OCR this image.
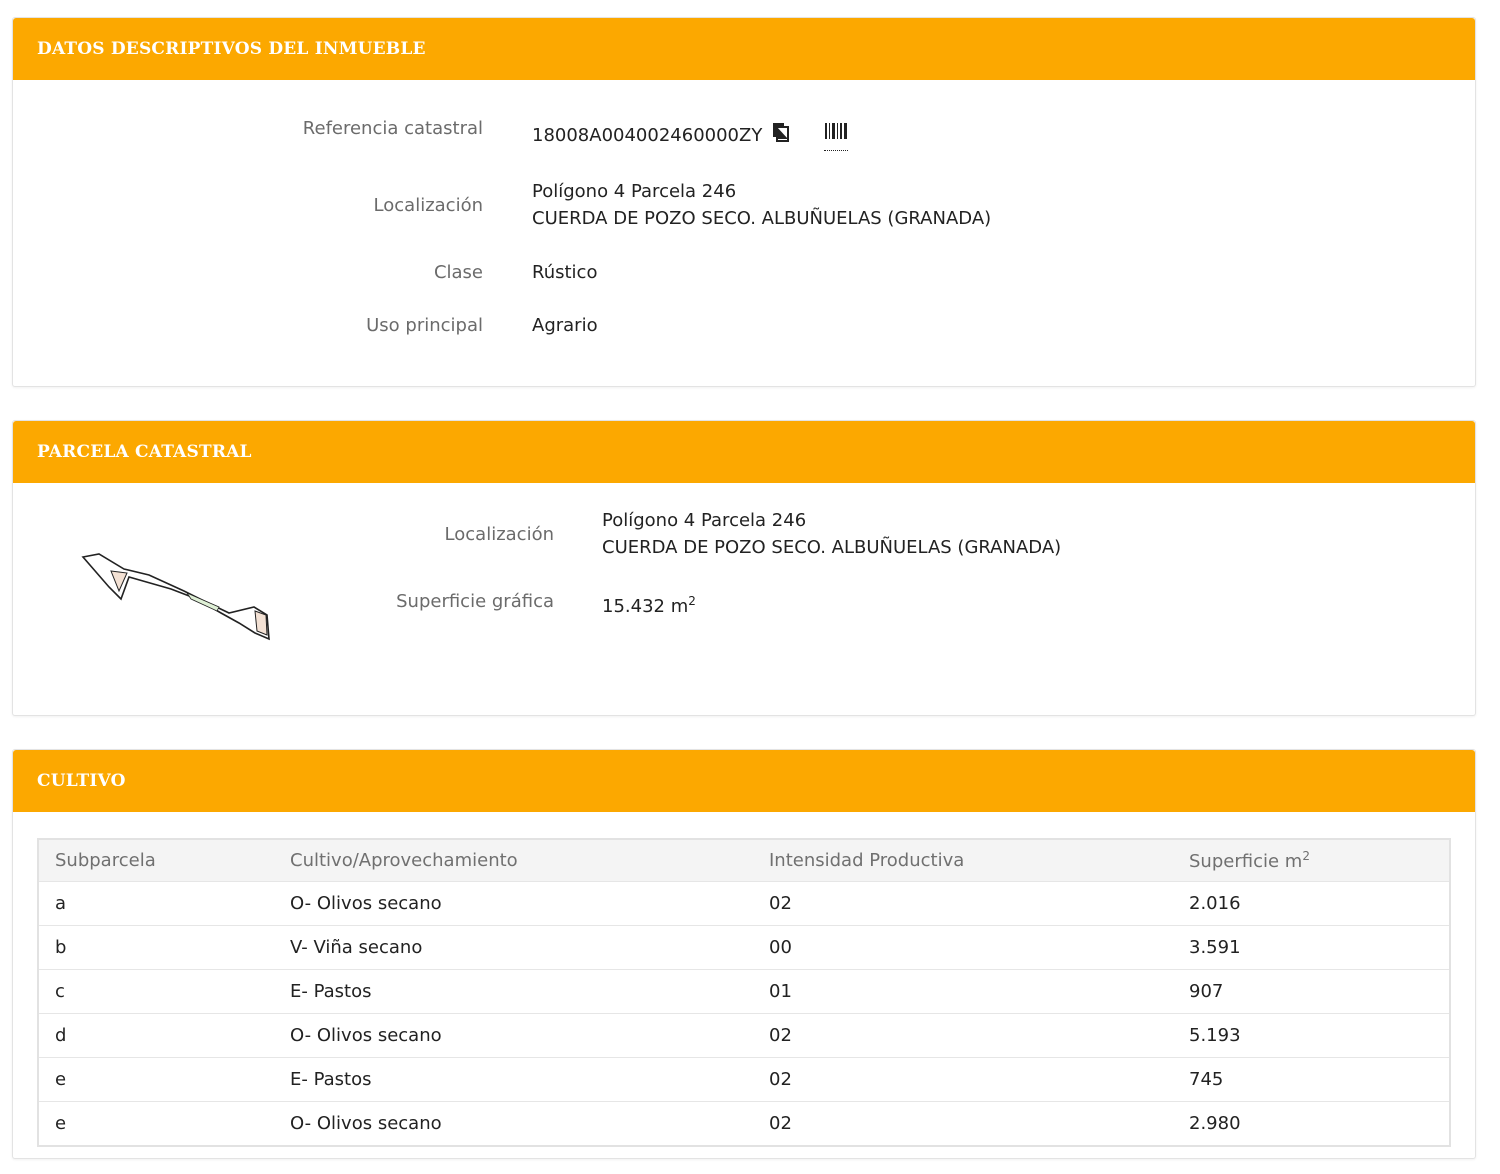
DATOS DESCRIPTIVOS DEL INMUEBLE
Referencia catastral	18008A004002460000ZY
Localización
Polígono 4 Parcela 246
CUERDA DE POZO SECO. ALBUÑUELAS (GRANADA)
Clase	Rústico
Uso principal	Agrario
PARCELA CATASTRAL
Localización
Polígono 4 Parcela 246
CUERDA DE POZO SECO. ALBUÑUELAS (GRANADA)
Superficie gráfica	15.432 $m^2$
CULTIVO
Subparcela	Cultivo/Aprovechamiento	Intensidad Productiva	Superficie $m^2$
a	O- Olivos secano	02	2.016
b	V- Viña secano	00	3.591
c	E- Pastos	01	907
d	O- Olivos secano	02	5.193
e	E- Pastos	02	745
e	O- Olivos secano	02	2.980
